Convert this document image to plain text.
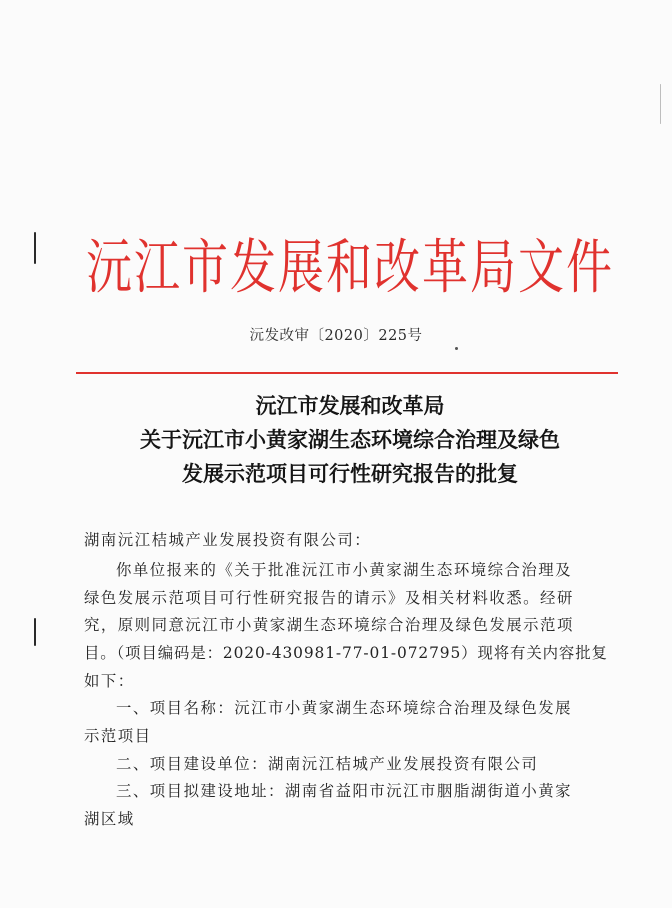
沅江市发展和改革局文件
沅发改审〔2020〕225号
沅江市发展和改革局
关于沅江市小黄家湖生态环境综合治理及绿色
发展示范项目可行性研究报告的批复
湖南沅江桔城产业发展投资有限公司：
你单位报来的《关于批准沅江市小黄家湖生态环境综合治理及
绿色发展示范项目可行性研究报告的请示》及相关材料收悉。经研
究，原则同意沅江市小黄家湖生态环境综合治理及绿色发展示范项
目。（项目编码是：2020-430981-77-01-072795）现将有关内容批复
如下：
一、项目名称：沅江市小黄家湖生态环境综合治理及绿色发展
示范项目
二、项目建设单位：湖南沅江桔城产业发展投资有限公司
三、项目拟建设地址：湖南省益阳市沅江市胭脂湖街道小黄家
湖区域
